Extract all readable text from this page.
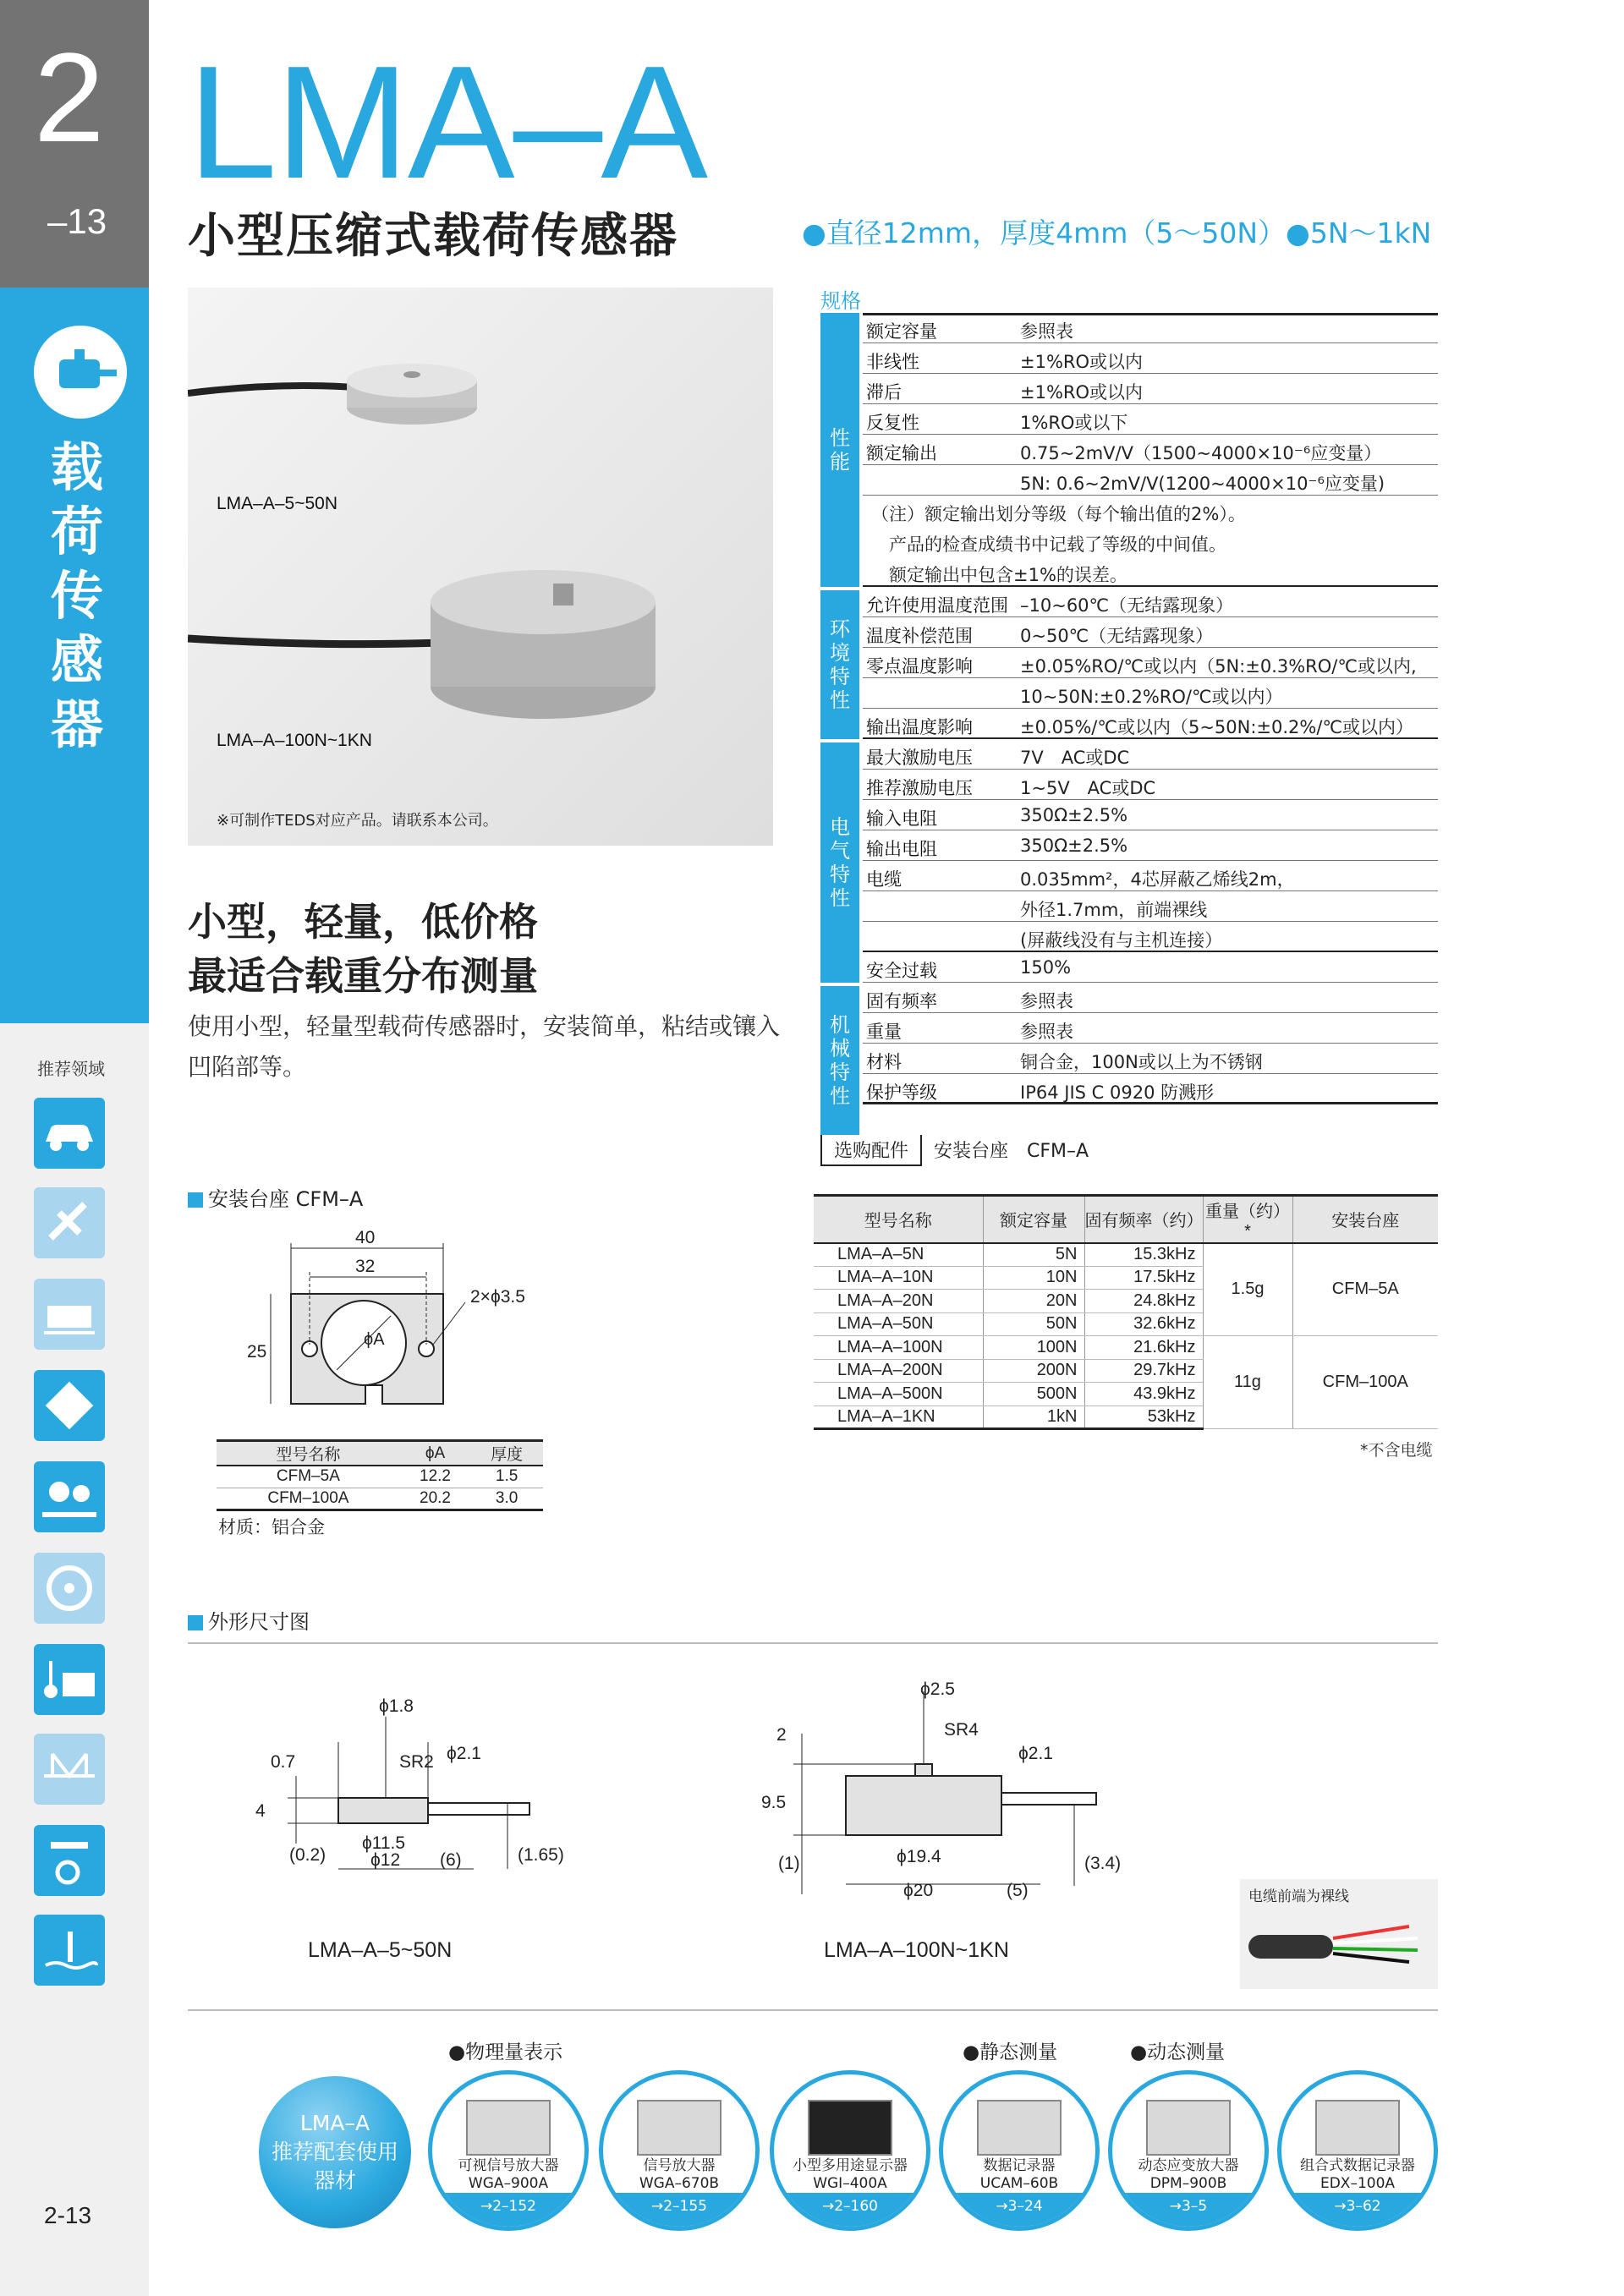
2
–13
载荷传感器
推荐领域
2-13
LMA–A
小型压缩式载荷传感器	●直径12mm，厚度4mm（5～50N）●5N～1kN
LMA–A–5~50N
LMA–A–100N~1KN
※可制作TEDS对应产品。请联系本公司。
小型，轻量，低价格
最适合载重分布测量
使用小型，轻量型载荷传感器时，安装简单，粘结或镶入凹陷部等。
规格
性能
环境特性
电气特性
机械特性
额定容量	参照表
非线性	±1%RO或以内
滞后	±1%RO或以内
反复性	1%RO或以下
额定输出	0.75~2mV/V（1500~4000×10⁻⁶应变量）
5N: 0.6~2mV/V(1200~4000×10⁻⁶应变量)
（注）额定输出划分等级（每个输出值的2%）。
　产品的检查成绩书中记载了等级的中间值。
　额定输出中包含±1%的误差。
允许使用温度范围 –10~60℃（无结露现象）
温度补偿范围	0~50℃（无结露现象）
零点温度影响	±0.05%RO/℃或以内（5N:±0.3%RO/℃或以内,
10~50N:±0.2%RO/℃或以内）
输出温度影响	±0.05%/℃或以内（5~50N:±0.2%/℃或以内）
最大激励电压	7V　AC或DC
推荐激励电压	1~5V　AC或DC
输入电阻	350Ω±2.5%
输出电阻	350Ω±2.5%
电缆	0.035mm²，4芯屏蔽乙烯线2m，
外径1.7mm，前端裸线
(屏蔽线没有与主机连接）
安全过载	150%
固有频率	参照表
重量	参照表
材料	铜合金，100N或以上为不锈钢
保护等级	IP64 JIS C 0920 防溅形
选购配件 安装台座　CFM–A
型号名称	额定容量	固有频率（约）	重量（约）*	安装台座
LMA–A–5N	5N	15.3kHz	1.5g	CFM–5A
LMA–A–10N	10N	17.5kHz		
LMA–A–20N	20N	24.8kHz		
LMA–A–50N	50N	32.6kHz		
LMA–A–100N	100N	21.6kHz	11g	CFM–100A
LMA–A–200N	200N	29.7kHz		
LMA–A–500N	500N	43.9kHz		
LMA–A–1KN	1kN	53kHz		
*不含电缆
安装台座 CFM–A
40
32
25
2×ϕ3.5
ϕA
型号名称	ϕA	厚度
CFM–5A	12.2	1.5
CFM–100A	20.2	3.0
材质：铝合金
外形尺寸图
ϕ1.8
SR2 ϕ2.1
0.7
4
(0.2)
ϕ11.5
ϕ12 (6)	(1.65)
LMA–A–5~50N
ϕ2.5
SR4
ϕ2.1
2
9.5
(1)	ϕ19.4
ϕ20	(5)
(3.4)
LMA–A–100N~1KN
电缆前端为裸线
●物理量表示	●静态测量	●动态测量
LMA–A
推荐配套使用
器材
可视信号放大器
WGA–900A
→2–152
信号放大器
WGA–670B
→2–155
小型多用途显示器
WGI–400A
→2–160
数据记录器
UCAM–60B
→3–24
动态应变放大器
DPM–900B
→3–5
组合式数据记录器
EDX–100A
→3–62
